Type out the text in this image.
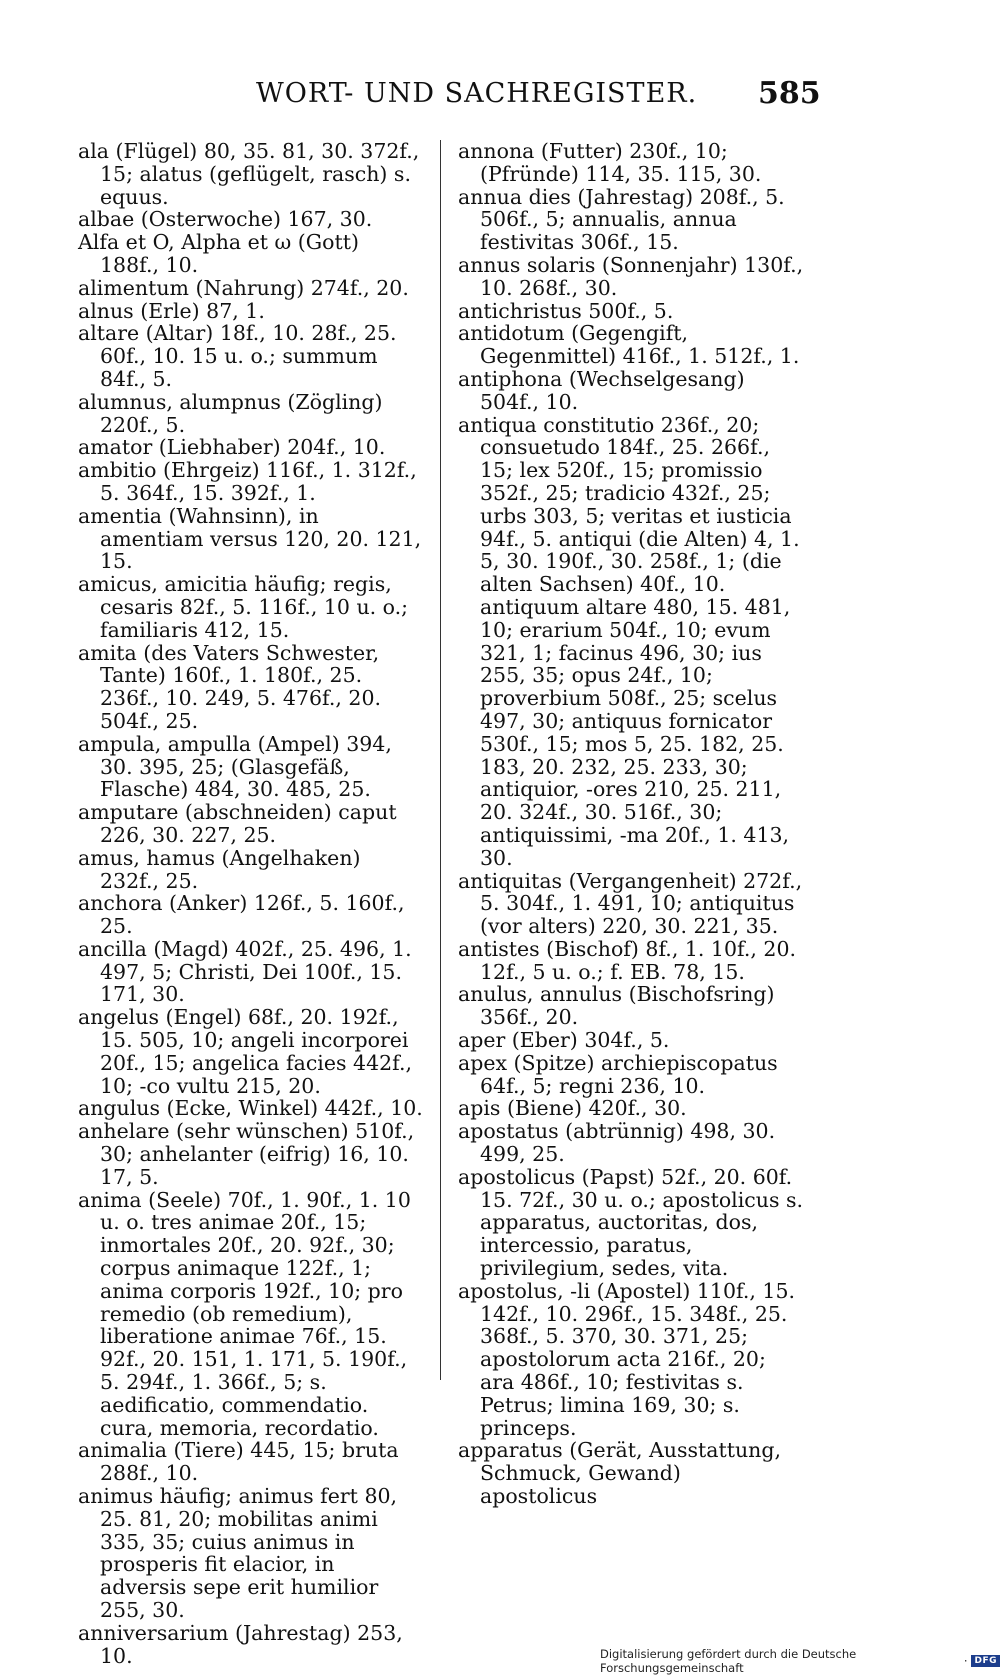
WORT- UND SACHREGISTER. 585

ala (Flügel) 80, 35. 81, 30. 372f., 15; alatus (geflügelt, rasch) s. equus.

albae (Osterwoche) 167, 30.

Alfa et O, Alpha et ω (Gott) 188f., 10.

alimentum (Nahrung) 274f., 20.

alnus (Erle) 87, 1.

altare (Altar) 18f., 10. 28f., 25. 60f., 10. 15 u. o.; summum 84f., 5.

alumnus, alumpnus (Zögling) 220f., 5.

amator (Liebhaber) 204f., 10.

ambitio (Ehrgeiz) 116f., 1. 312f., 5. 364f., 15. 392f., 1.

amentia (Wahnsinn), in amentiam versus 120, 20. 121, 15.

amicus, amicitia häufig; regis, cesaris 82f., 5. 116f., 10 u. o.; familiaris 412, 15.

amita (des Vaters Schwester, Tante) 160f., 1. 180f., 25. 236f., 10. 249, 5. 476f., 20. 504f., 25.

ampula, ampulla (Ampel) 394, 30. 395, 25; (Glasgefäß, Flasche) 484, 30. 485, 25.

amputare (abschneiden) caput 226, 30. 227, 25.

amus, hamus (Angelhaken) 232f., 25.

anchora (Anker) 126f., 5. 160f., 25.

ancilla (Magd) 402f., 25. 496, 1. 497, 5; Christi, Dei 100f., 15. 171, 30.

angelus (Engel) 68f., 20. 192f., 15. 505, 10; angeli incorporei 20f., 15; angelica facies 442f., 10; -co vultu 215, 20.

angulus (Ecke, Winkel) 442f., 10.

anhelare (sehr wünschen) 510f., 30; anhelanter (eifrig) 16, 10. 17, 5.

anima (Seele) 70f., 1. 90f., 1. 10 u. o. tres animae 20f., 15; inmortales 20f., 20. 92f., 30; corpus animaque 122f., 1; anima corporis 192f., 10; pro remedio (ob remedium), liberatione animae 76f., 15. 92f., 20. 151, 1. 171, 5. 190f., 5. 294f., 1. 366f., 5; s. aedificatio, commendatio. cura, memoria, recordatio.

animalia (Tiere) 445, 15; bruta 288f., 10.

animus häufig; animus fert 80, 25. 81, 20; mobilitas animi 335, 35; cuius animus in prosperis fit elacior, in adversis sepe erit humilior 255, 30.

anniversarium (Jahrestag) 253, 10.

annona (Futter) 230f., 10; (Pfründe) 114, 35. 115, 30.

annua dies (Jahrestag) 208f., 5. 506f., 5; annualis, annua festivitas 306f., 15.

annus solaris (Sonnenjahr) 130f., 10. 268f., 30.

antichristus 500f., 5.

antidotum (Gegengift, Gegenmittel) 416f., 1. 512f., 1.

antiphona (Wechselgesang) 504f., 10.

antiqua constitutio 236f., 20; consuetudo 184f., 25. 266f., 15; lex 520f., 15; promissio 352f., 25; tradicio 432f., 25; urbs 303, 5; veritas et iusticia 94f., 5. antiqui (die Alten) 4, 1. 5, 30. 190f., 30. 258f., 1; (die alten Sachsen) 40f., 10. antiquum altare 480, 15. 481, 10; erarium 504f., 10; evum 321, 1; facinus 496, 30; ius 255, 35; opus 24f., 10; proverbium 508f., 25; scelus 497, 30; antiquus fornicator 530f., 15; mos 5, 25. 182, 25. 183, 20. 232, 25. 233, 30; antiquior, -ores 210, 25. 211, 20. 324f., 30. 516f., 30; antiquissimi, -ma 20f., 1. 413, 30.

antiquitas (Vergangenheit) 272f., 5. 304f., 1. 491, 10; antiquitus (vor alters) 220, 30. 221, 35.

antistes (Bischof) 8f., 1. 10f., 20. 12f., 5 u. o.; f. EB. 78, 15.

anulus, annulus (Bischofsring) 356f., 20.

aper (Eber) 304f., 5.

apex (Spitze) archiepiscopatus 64f., 5; regni 236, 10.

apis (Biene) 420f., 30.

apostatus (abtrünnig) 498, 30. 499, 25.

apostolicus (Papst) 52f., 20. 60f. 15. 72f., 30 u. o.; apostolicus s. apparatus, auctoritas, dos, intercessio, paratus, privilegium, sedes, vita.

apostolus, -li (Apostel) 110f., 15. 142f., 10. 296f., 15. 348f., 25. 368f., 5. 370, 30. 371, 25; apostolorum acta 216f., 20; ara 486f., 10; festivitas s. Petrus; limina 169, 30; s. princeps.

apparatus (Gerät, Ausstattung, Schmuck, Gewand) apostolicus

Digitalisierung gefördert durch die Deutsche Forschungsgemeinschaft	· DFG
